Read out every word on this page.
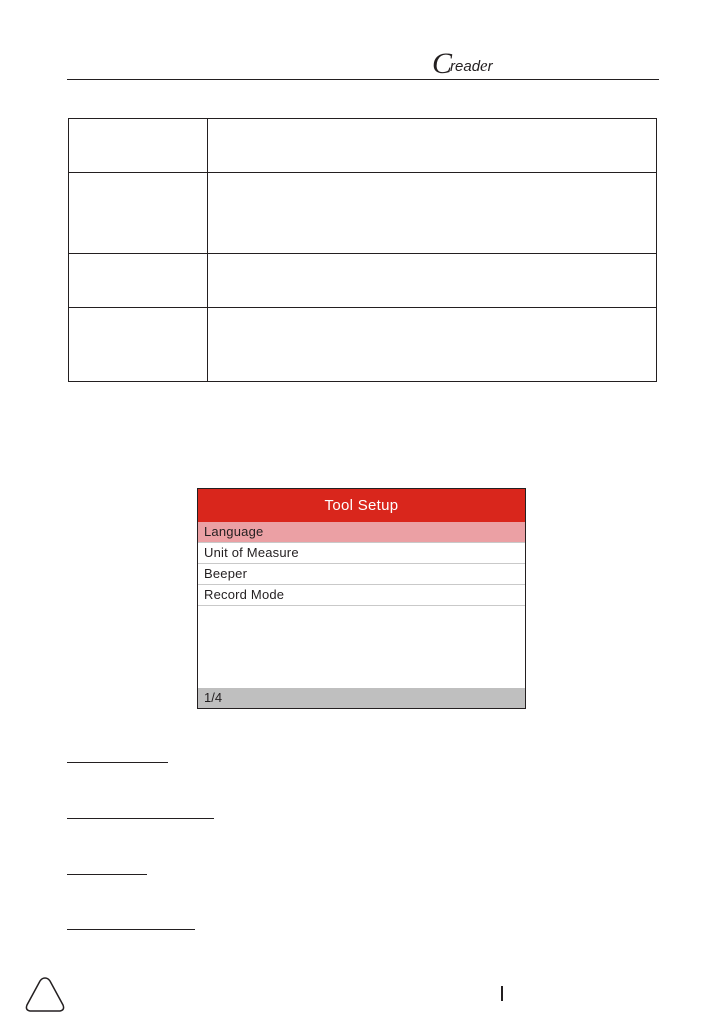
C
reader

Tool Setup
Language
Unit of Measure
Beeper
Record Mode
1/4
